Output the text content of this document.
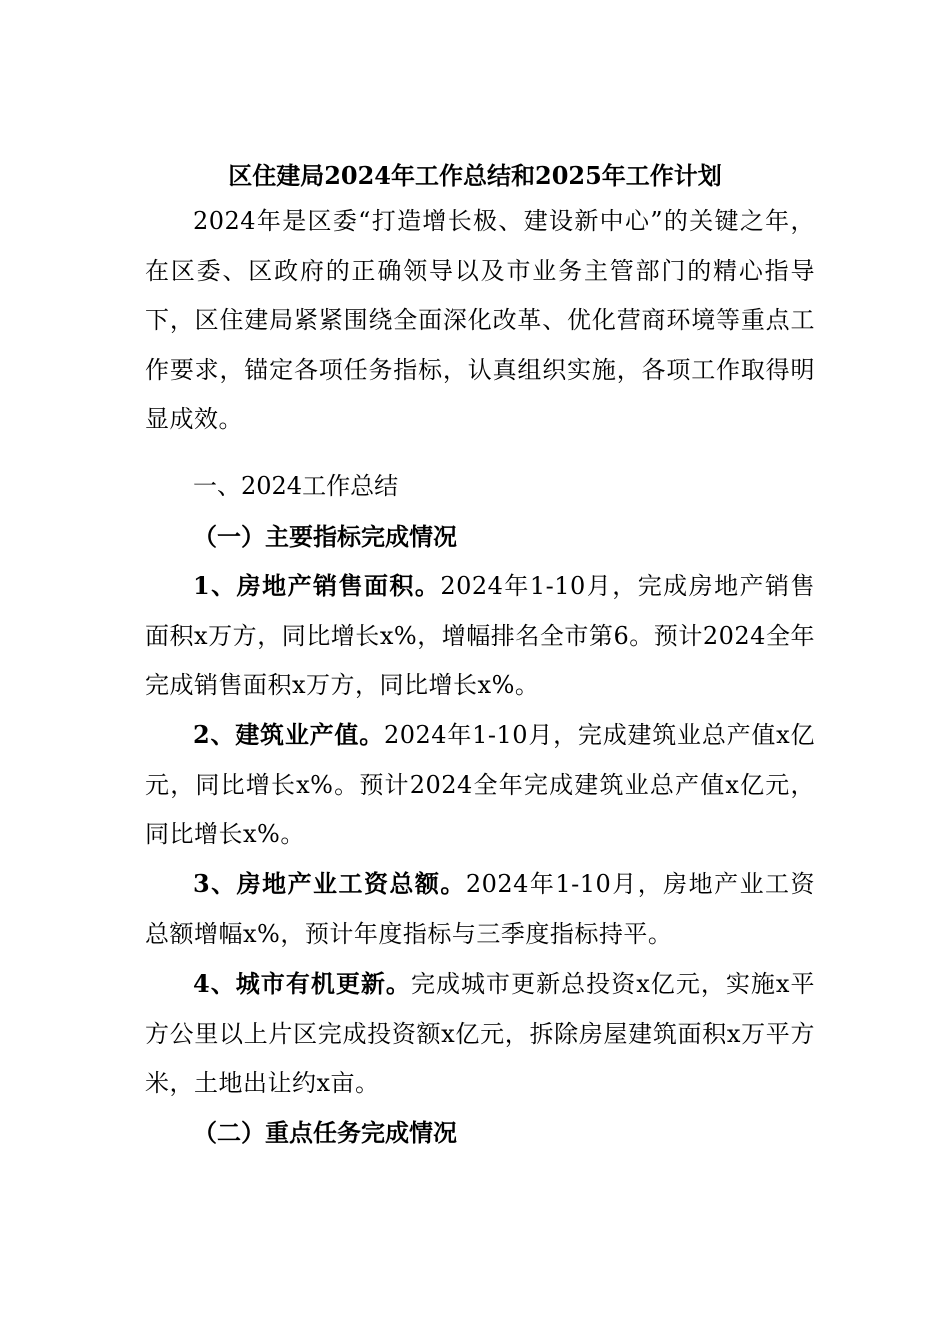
区住建局2024年工作总结和2025年工作计划
2024年是区委“打造增长极、建设新中心”的关键之年，在区委、区政府的正确领导以及市业务主管部门的精心指导下，区住建局紧紧围绕全面深化改革、优化营商环境等重点工作要求，锚定各项任务指标，认真组织实施，各项工作取得明显成效。
一、2024工作总结
（一）主要指标完成情况
1、房地产销售面积。2024年1-10月，完成房地产销售面积x万方，同比增长x%，增幅排名全市第6。预计2024全年完成销售面积x万方，同比增长x%。
2、建筑业产值。2024年1-10月，完成建筑业总产值x亿元，同比增长x%。预计2024全年完成建筑业总产值x亿元，同比增长x%。
3、房地产业工资总额。2024年1-10月，房地产业工资总额增幅x%，预计年度指标与三季度指标持平。
4、城市有机更新。完成城市更新总投资x亿元，实施x平方公里以上片区完成投资额x亿元，拆除房屋建筑面积x万平方米，土地出让约x亩。
（二）重点任务完成情况
